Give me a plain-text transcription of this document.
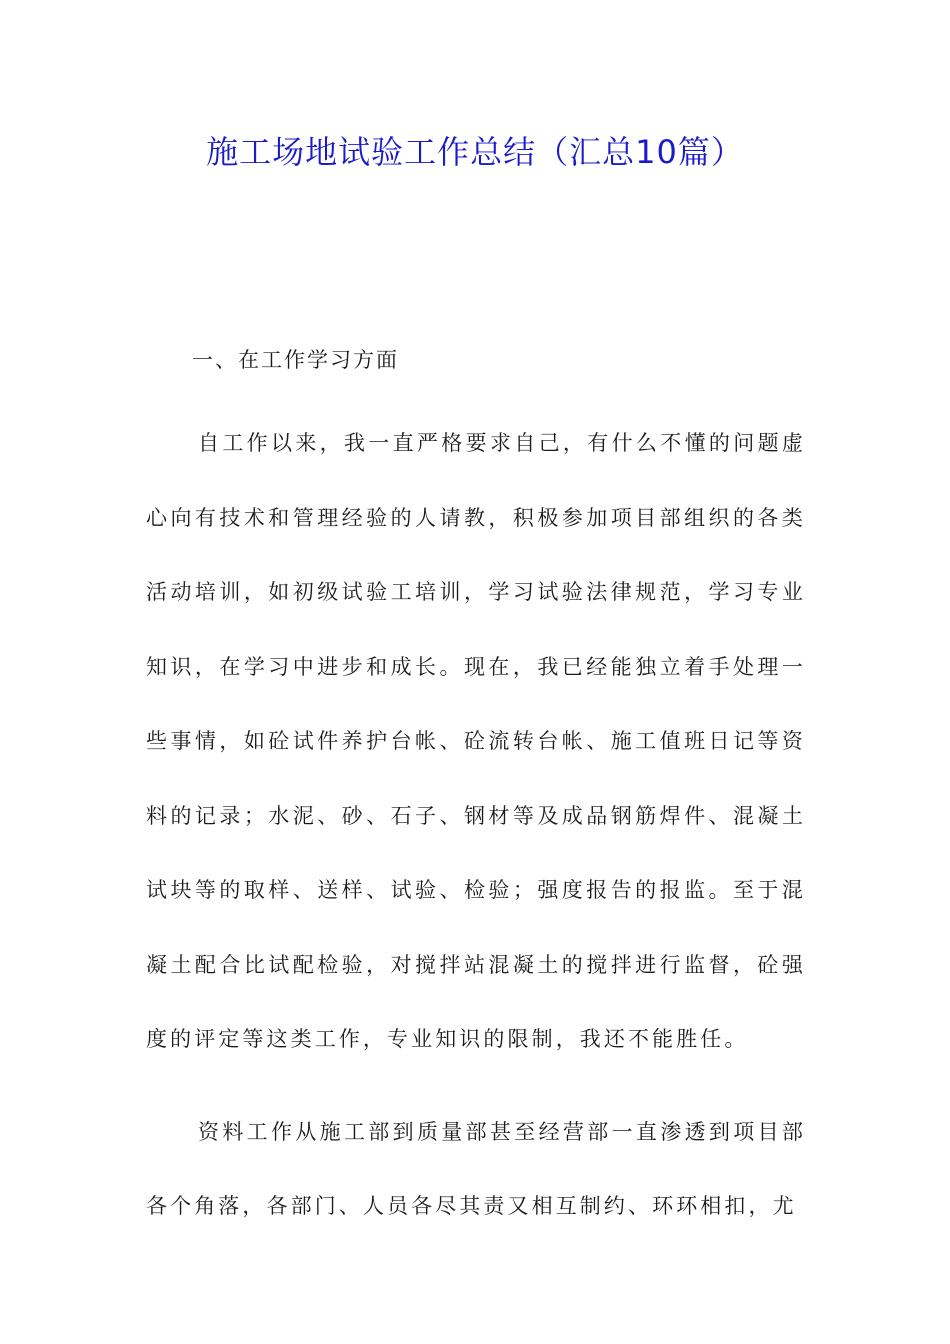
施工场地试验工作总结（汇总10篇）

一、在工作学习方面

自工作以来，我一直严格要求自己，有什么不懂的问题虚心向有技术和管理经验的人请教，积极参加项目部组织的各类活动培训，如初级试验工培训，学习试验法律规范，学习专业知识，在学习中进步和成长。现在，我已经能独立着手处理一些事情，如砼试件养护台帐、砼流转台帐、施工值班日记等资料的记录；水泥、砂、石子、钢材等及成品钢筋焊件、混凝土试块等的取样、送样、试验、检验；强度报告的报监。至于混凝土配合比试配检验，对搅拌站混凝土的搅拌进行监督，砼强度的评定等这类工作，专业知识的限制，我还不能胜任。

资料工作从施工部到质量部甚至经营部一直渗透到项目部各个角落，各部门、人员各尽其责又相互制约、环环相扣，尤
